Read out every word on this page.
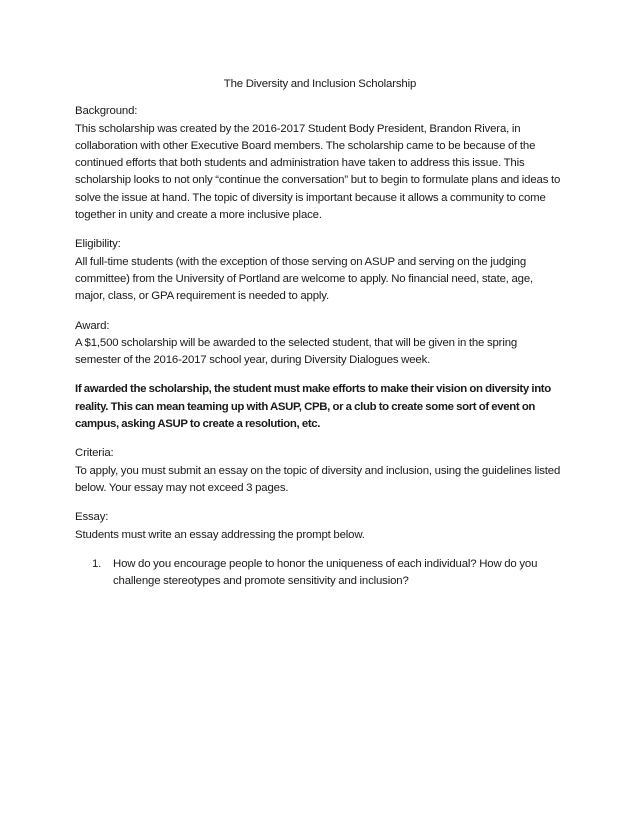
The Diversity and Inclusion Scholarship
Background:
This scholarship was created by the 2016-2017 Student Body President, Brandon Rivera, in collaboration with other Executive Board members. The scholarship came to be because of the continued efforts that both students and administration have taken to address this issue. This scholarship looks to not only “continue the conversation” but to begin to formulate plans and ideas to solve the issue at hand. The topic of diversity is important because it allows a community to come together in unity and create a more inclusive place.
Eligibility:
All full-time students (with the exception of those serving on ASUP and serving on the judging committee) from the University of Portland are welcome to apply. No financial need, state, age, major, class, or GPA requirement is needed to apply.
Award:
A $1,500 scholarship will be awarded to the selected student, that will be given in the spring semester of the 2016-2017 school year, during Diversity Dialogues week.
If awarded the scholarship, the student must make efforts to make their vision on diversity into reality. This can mean teaming up with ASUP, CPB, or a club to create some sort of event on campus, asking ASUP to create a resolution, etc.
Criteria:
To apply, you must submit an essay on the topic of diversity and inclusion, using the guidelines listed below. Your essay may not exceed 3 pages.
Essay:
Students must write an essay addressing the prompt below.
1. How do you encourage people to honor the uniqueness of each individual? How do you challenge stereotypes and promote sensitivity and inclusion?
